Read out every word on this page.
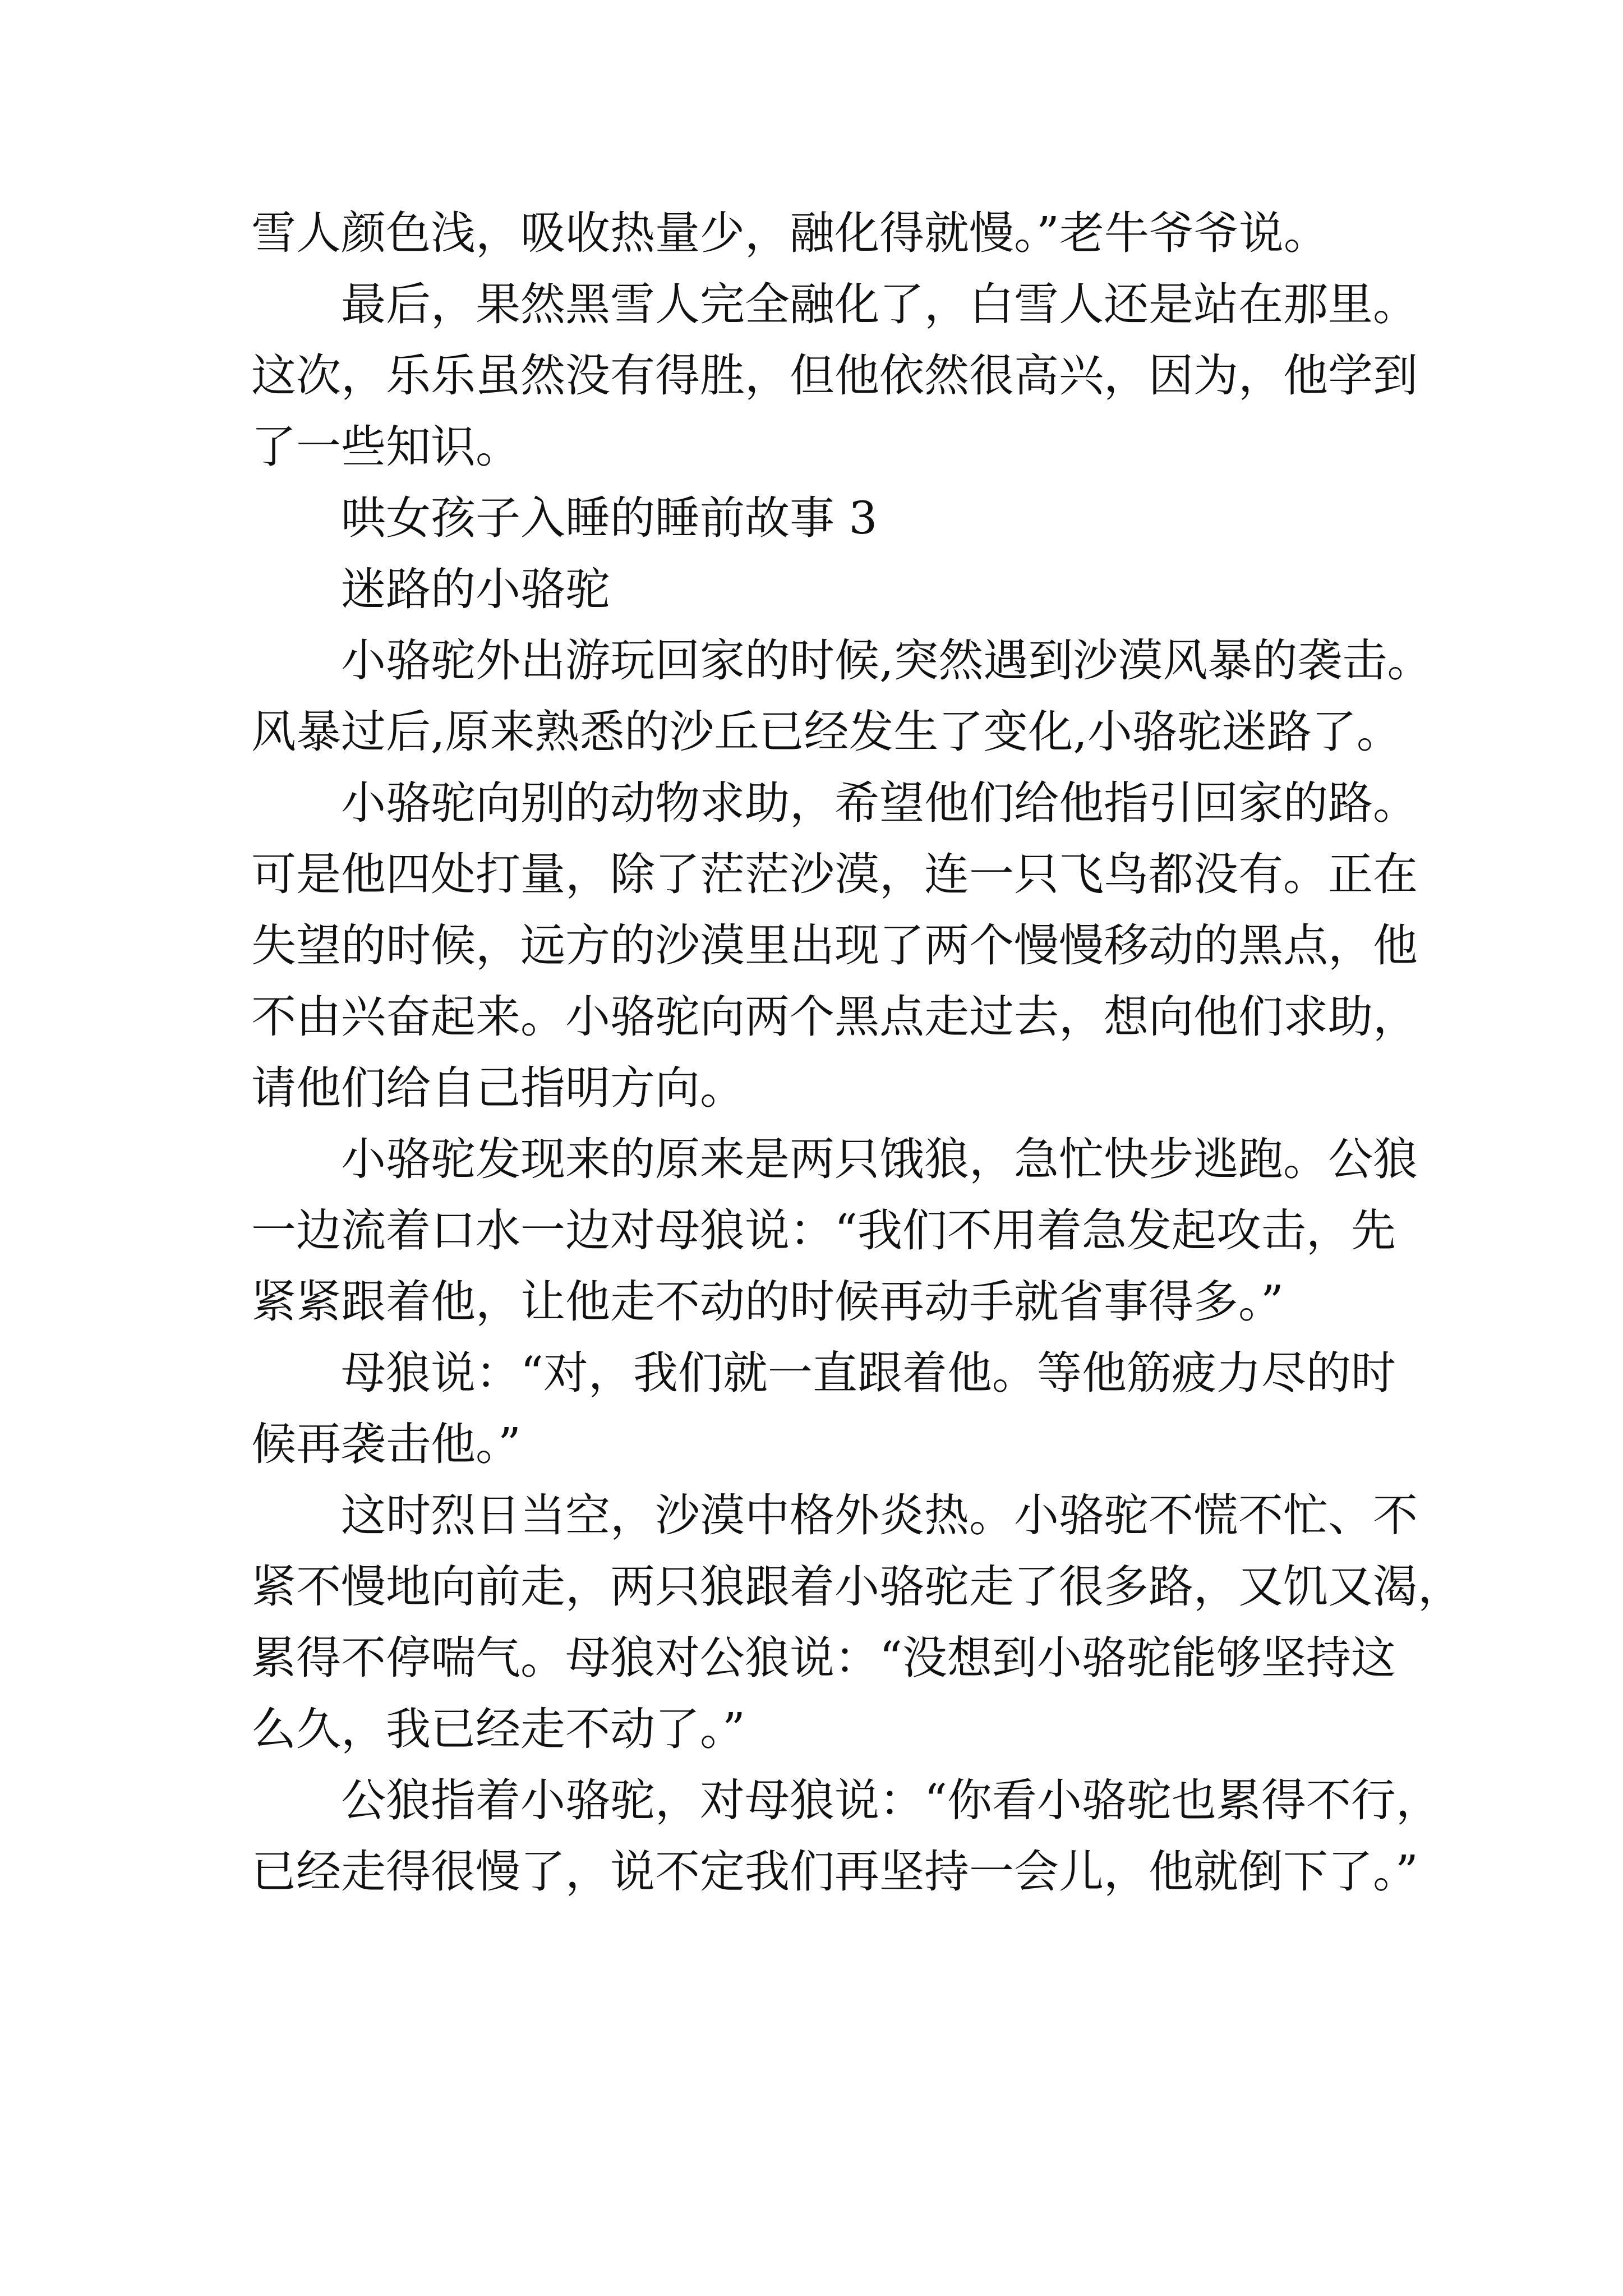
雪人颜色浅，吸收热量少，融化得就慢。”老牛爷爷说。
最后，果然黑雪人完全融化了，白雪人还是站在那里。
这次，乐乐虽然没有得胜，但他依然很高兴，因为，他学到
了一些知识。
哄女孩子入睡的睡前故事 3
迷路的小骆驼
小骆驼外出游玩回家的时候,突然遇到沙漠风暴的袭击。
风暴过后,原来熟悉的沙丘已经发生了变化,小骆驼迷路了。
小骆驼向别的动物求助，希望他们给他指引回家的路。
可是他四处打量，除了茫茫沙漠，连一只飞鸟都没有。正在
失望的时候，远方的沙漠里出现了两个慢慢移动的黑点，他
不由兴奋起来。小骆驼向两个黑点走过去，想向他们求助，
请他们给自己指明方向。
小骆驼发现来的原来是两只饿狼，急忙快步逃跑。公狼
一边流着口水一边对母狼说：“我们不用着急发起攻击，先
紧紧跟着他，让他走不动的时候再动手就省事得多。”
母狼说：“对，我们就一直跟着他。等他筋疲力尽的时
候再袭击他。”
这时烈日当空，沙漠中格外炎热。小骆驼不慌不忙、不
紧不慢地向前走，两只狼跟着小骆驼走了很多路，又饥又渴，
累得不停喘气。母狼对公狼说：“没想到小骆驼能够坚持这
么久，我已经走不动了。”
公狼指着小骆驼，对母狼说：“你看小骆驼也累得不行，
已经走得很慢了，说不定我们再坚持一会儿，他就倒下了。”
